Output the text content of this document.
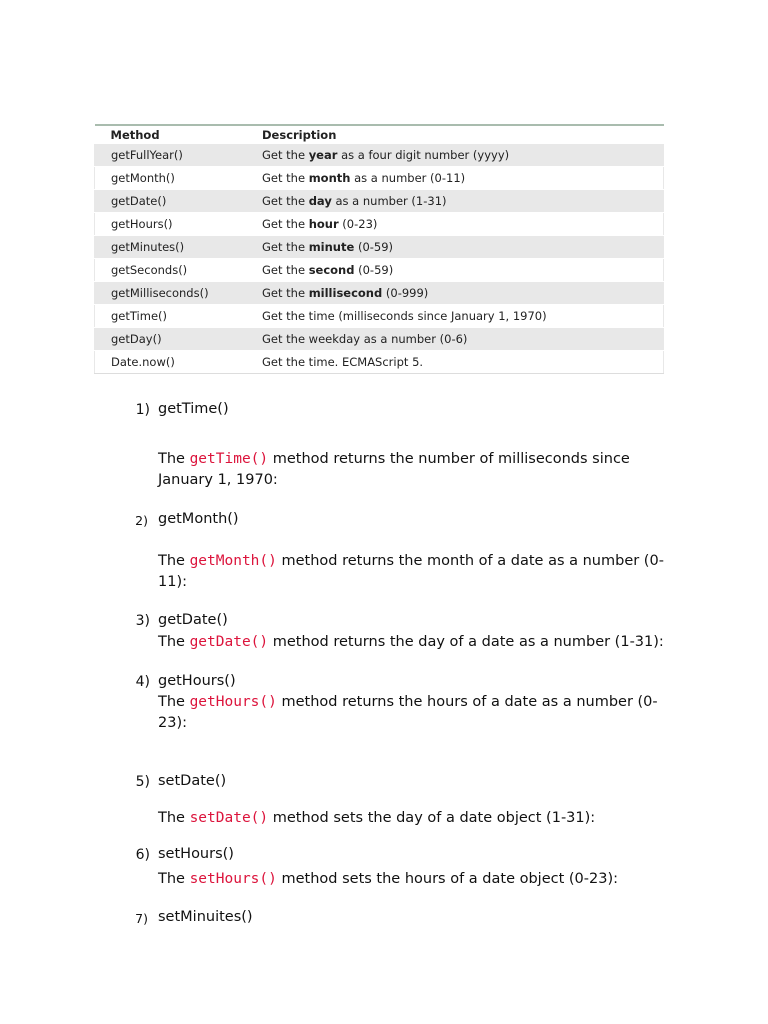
Method	Description
getFullYear()	Get the year as a four digit number (yyyy)
getMonth()	Get the month as a number (0-11)
getDate()	Get the day as a number (1-31)
getHours()	Get the hour (0-23)
getMinutes()	Get the minute (0-59)
getSeconds()	Get the second (0-59)
getMilliseconds()	Get the millisecond (0-999)
getTime()	Get the time (milliseconds since January 1, 1970)
getDay()	Get the weekday as a number (0-6)
Date.now()	Get the time. ECMAScript 5.
1) getTime()
The getTime() method returns the number of milliseconds since January 1, 1970:
2) getMonth()
The getMonth() method returns the month of a date as a number (0-11):
3) getDate()
The getDate() method returns the day of a date as a number (1-31):
4) getHours()
The getHours() method returns the hours of a date as a number (0-23):
5) setDate()
The setDate() method sets the day of a date object (1-31):
6) setHours()
The setHours() method sets the hours of a date object (0-23):
7) setMinuites()
